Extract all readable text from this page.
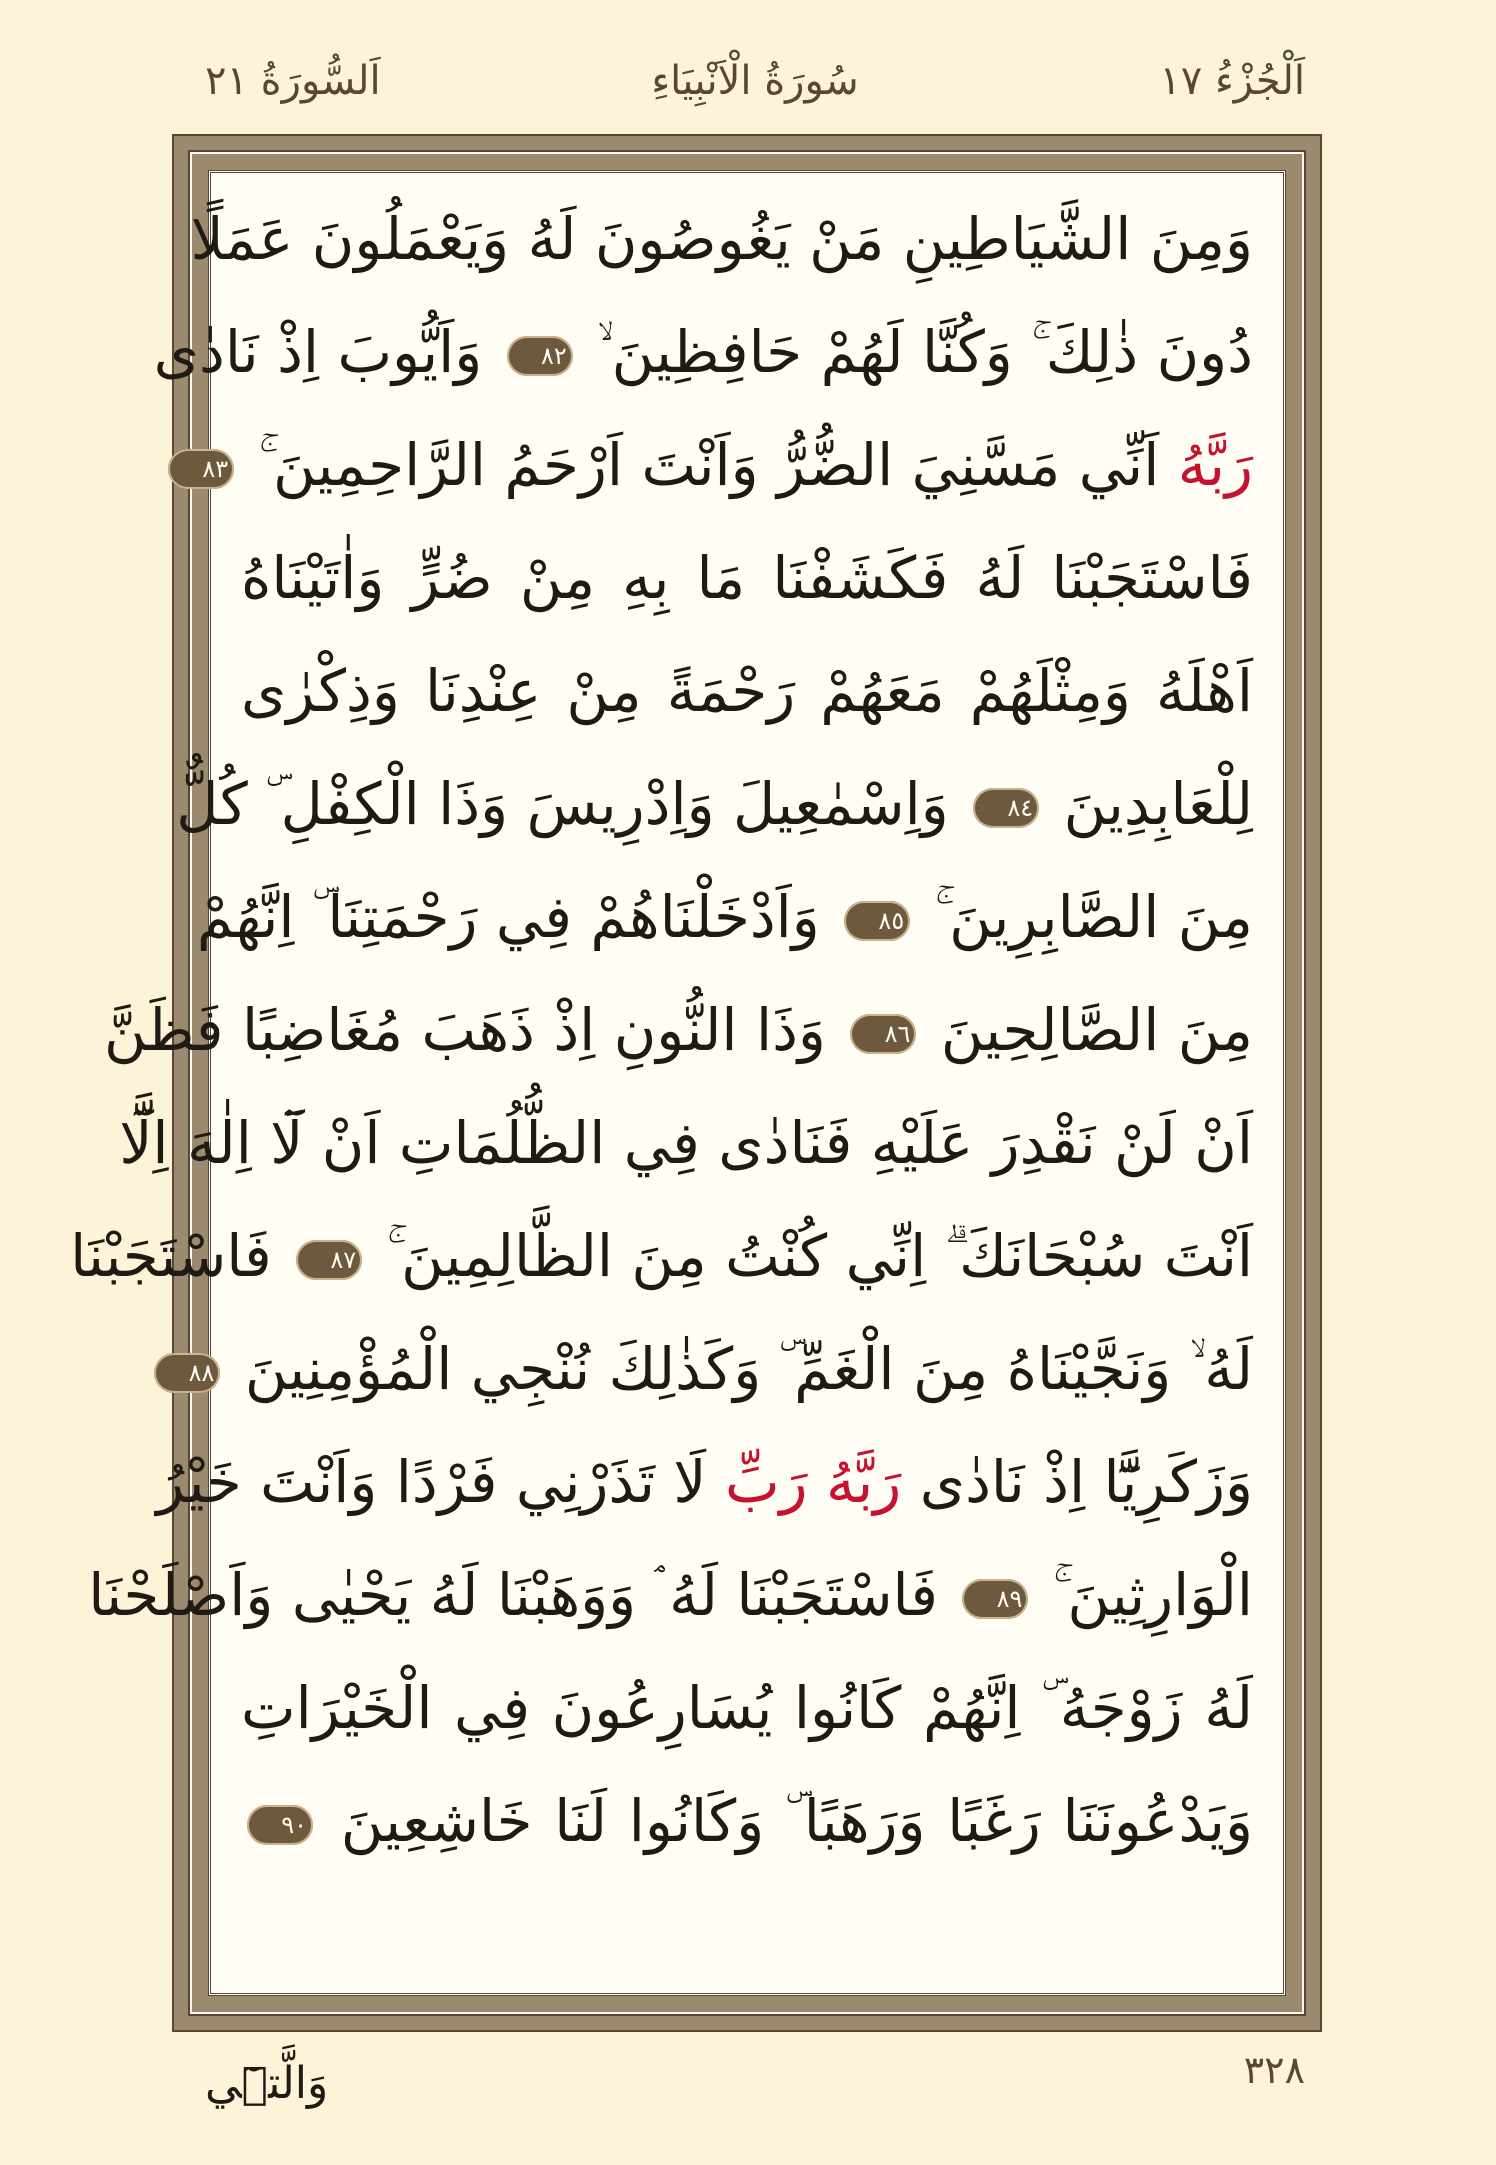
اَلْجُزْءُ ١٧
سُورَةُ الْاَنْبِيَاءِ
اَلسُّورَةُ ٢١
وَمِنَ الشَّيَاطِينِ مَنْ يَغُوصُونَ لَهُ وَيَعْمَلُونَ عَمَلًا
دُونَ ذٰلِكَ ۚ وَكُنَّا لَهُمْ حَافِظِينَ ۙ ٨٢ وَاَيُّوبَ اِذْ نَادٰى
رَبَّهُ اَنِّي مَسَّنِيَ الضُّرُّ وَاَنْتَ اَرْحَمُ الرَّاحِمِينَ ۚ ٨٣
فَاسْتَجَبْنَا لَهُ فَكَشَفْنَا مَا بِهِ مِنْ ضُرٍّ وَاٰتَيْنَاهُ
اَهْلَهُ وَمِثْلَهُمْ مَعَهُمْ رَحْمَةً مِنْ عِنْدِنَا وَذِكْرٰى
لِلْعَابِدِينَ ٨٤ وَاِسْمٰعِيلَ وَاِدْرِيسَ وَذَا الْكِفْلِ ۜ كُلٌّ
مِنَ الصَّابِرِينَ ۚ ٨٥ وَاَدْخَلْنَاهُمْ فِي رَحْمَتِنَا ۜ اِنَّهُمْ
مِنَ الصَّالِحِينَ ٨٦ وَذَا النُّونِ اِذْ ذَهَبَ مُغَاضِبًا فَظَنَّ
اَنْ لَنْ نَقْدِرَ عَلَيْهِ فَنَادٰى فِي الظُّلُمَاتِ اَنْ لَٓا اِلٰهَ اِلَّٓا
اَنْتَ سُبْحَانَكَ ۗ اِنِّي كُنْتُ مِنَ الظَّالِمِينَ ۚ ٨٧ فَاسْتَجَبْنَا
لَهُ ۙ وَنَجَّيْنَاهُ مِنَ الْغَمِّ ۜ وَكَذٰلِكَ نُنْجِي الْمُؤْمِنِينَ ٨٨
وَزَكَرِيَّٓا اِذْ نَادٰى رَبَّهُ رَبِّ لَا تَذَرْنِي فَرْدًا وَاَنْتَ خَيْرُ
الْوَارِثِينَ ۚ ٨٩ فَاسْتَجَبْنَا لَهُ ۘ وَوَهَبْنَا لَهُ يَحْيٰى وَاَصْلَحْنَا
لَهُ زَوْجَهُ ۜ اِنَّهُمْ كَانُوا يُسَارِعُونَ فِي الْخَيْرَاتِ
وَيَدْعُونَنَا رَغَبًا وَرَهَبًا ۜ وَكَانُوا لَنَا خَاشِعِينَ ٩٠
٣٢٨
وَالَّتٖٓي
